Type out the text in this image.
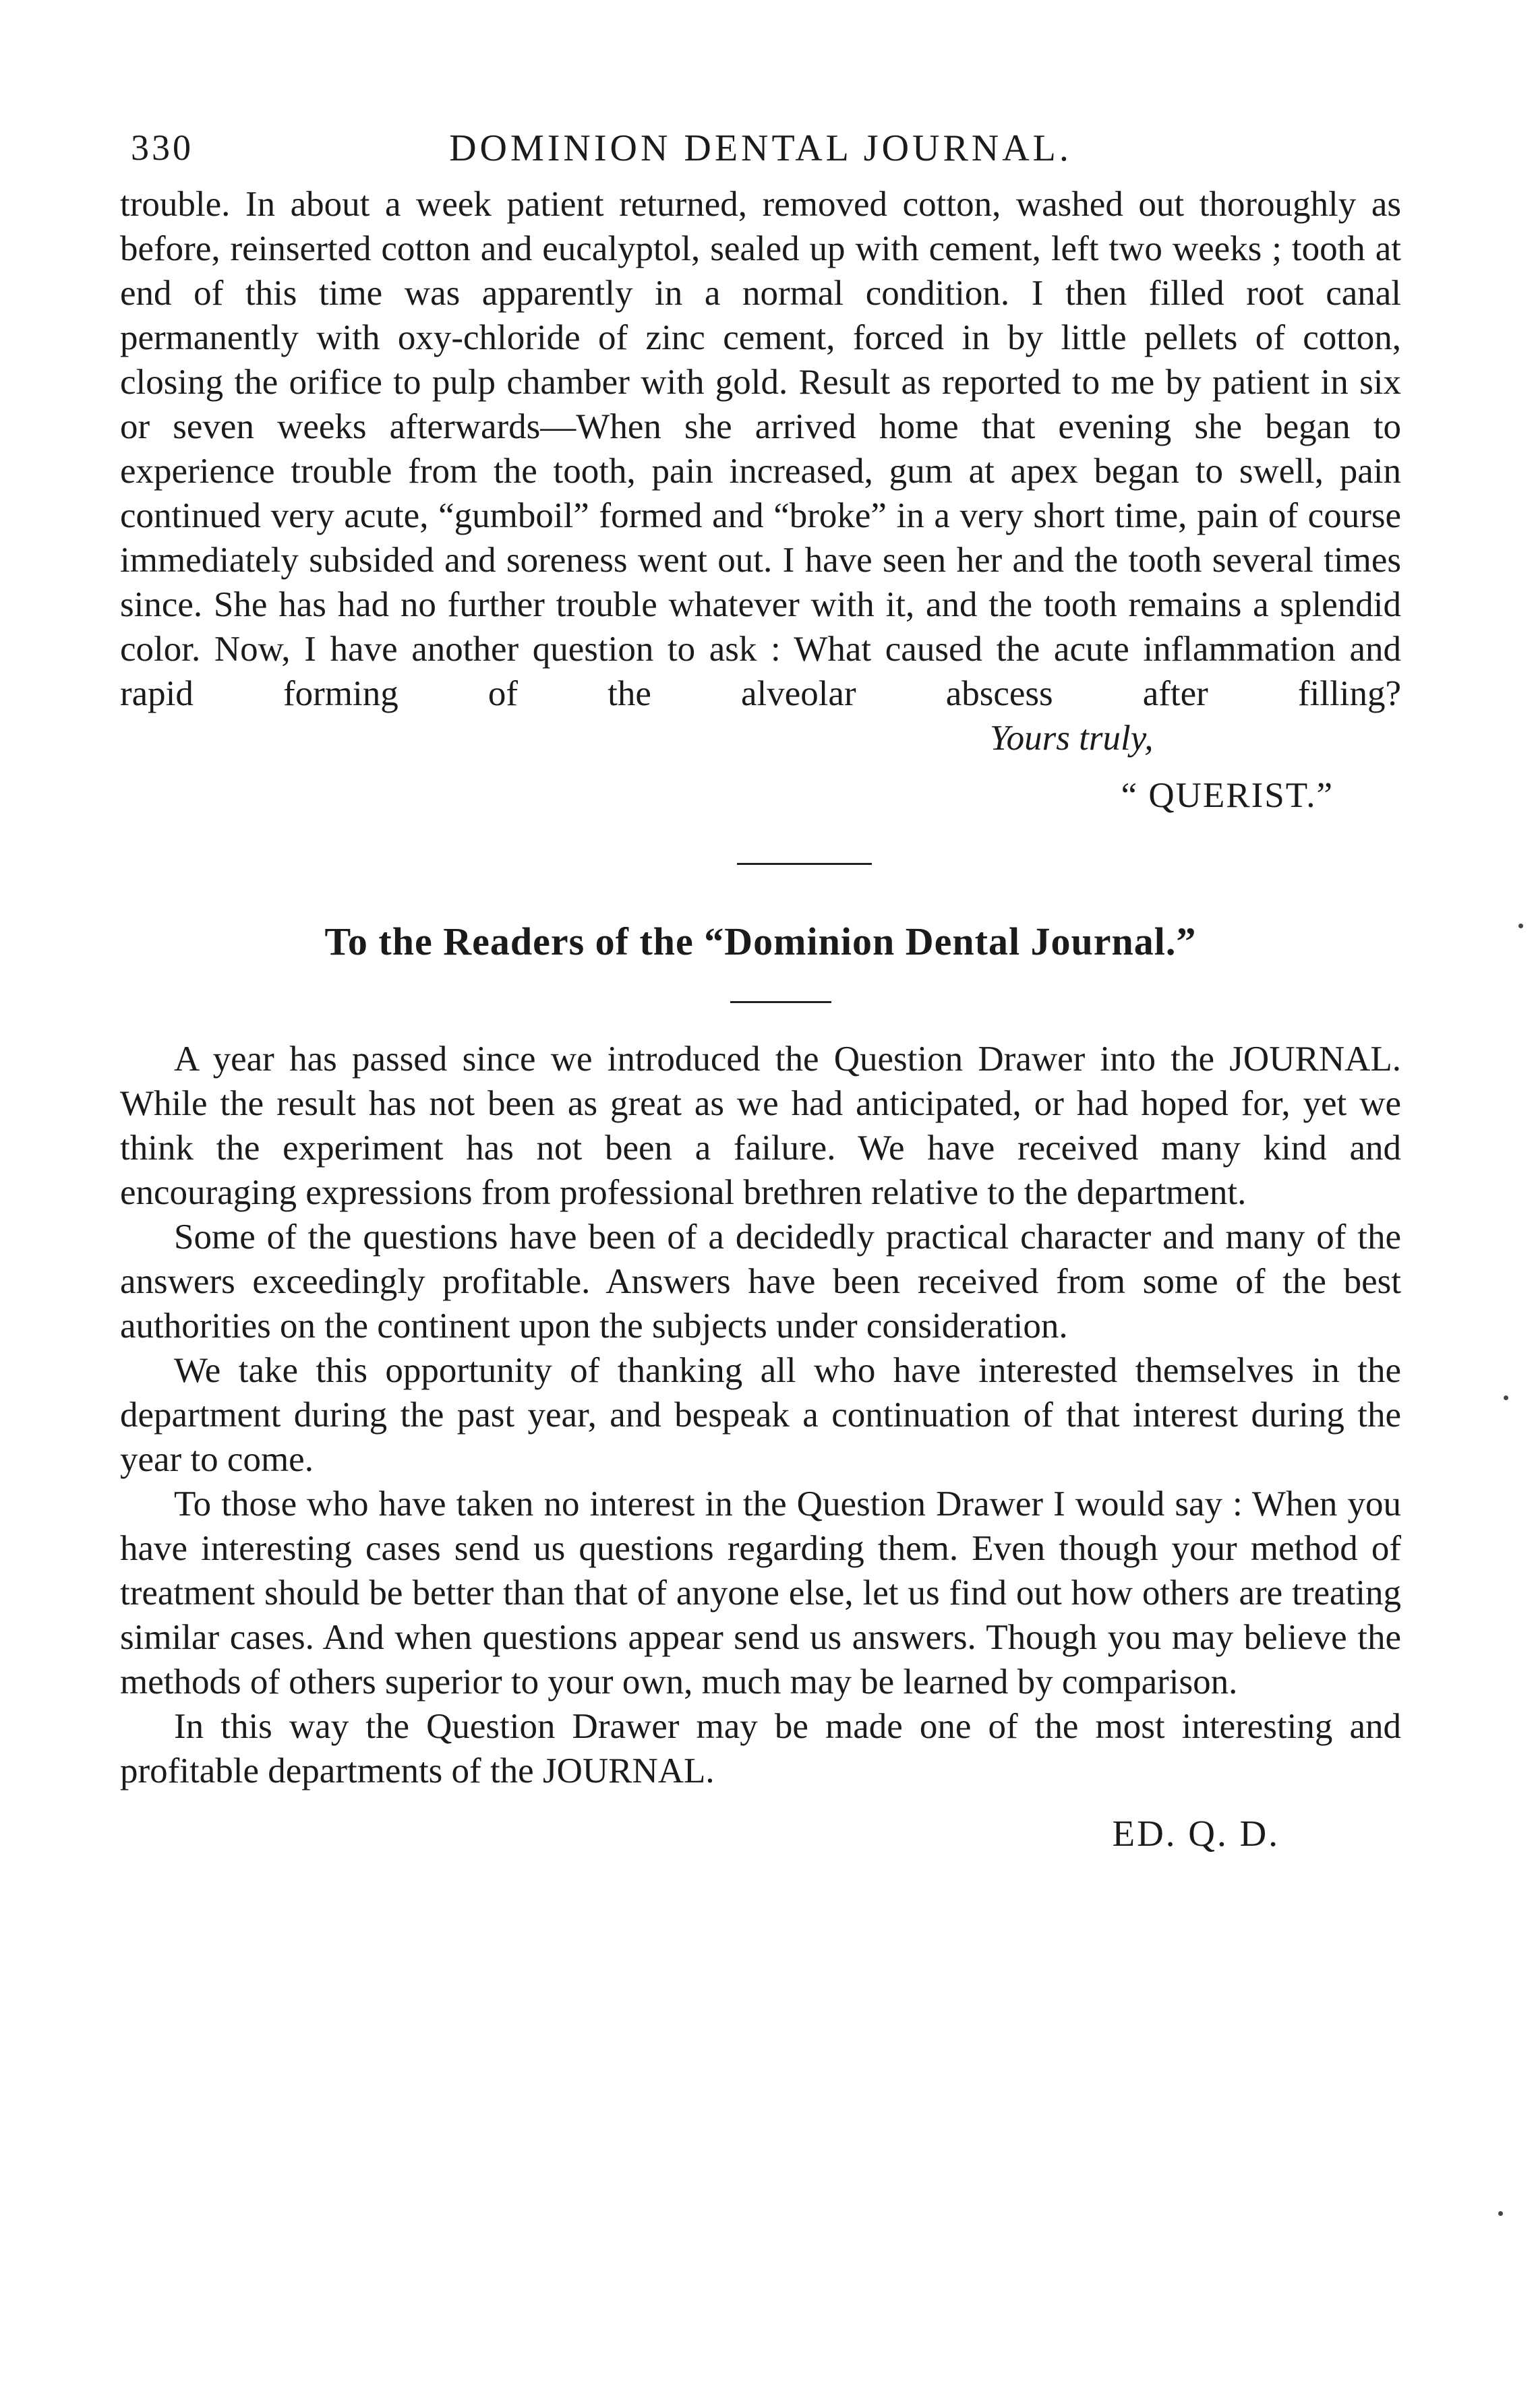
330	DOMINION DENTAL JOURNAL.

trouble. In about a week patient returned, removed cotton, washed out thoroughly as before, reinserted cotton and eucalyptol, sealed up with cement, left two weeks ; tooth at end of this time was apparently in a normal condition. I then filled root canal permanently with oxy-chloride of zinc cement, forced in by little pellets of cotton, closing the orifice to pulp chamber with gold. Result as reported to me by patient in six or seven weeks afterwards—When she arrived home that evening she began to experience trouble from the tooth, pain increased, gum at apex began to swell, pain continued very acute, “gumboil” formed and “broke” in a very short time, pain of course immediately subsided and soreness went out. I have seen her and the tooth several times since. She has had no further trouble whatever with it, and the tooth remains a splendid color. Now, I have another question to ask : What caused the acute inflammation and rapid forming of the alveolar abscess after filling?Yours truly,

“ QUERIST.”
To the Readers of the “Dominion Dental Journal.”

A year has passed since we introduced the Question Drawer into the JOURNAL. While the result has not been as great as we had anticipated, or had hoped for, yet we think the experiment has not been a failure. We have received many kind and encouraging expressions from professional brethren relative to the department.

Some of the questions have been of a decidedly practical character and many of the answers exceedingly profitable. Answers have been received from some of the best authorities on the continent upon the subjects under consideration.

We take this opportunity of thanking all who have interested themselves in the department during the past year, and bespeak a continuation of that interest during the year to come.

To those who have taken no interest in the Question Drawer I would say : When you have interesting cases send us questions regarding them. Even though your method of treatment should be better than that of anyone else, let us find out how others are treating similar cases. And when questions appear send us answers. Though you may believe the methods of others superior to your own, much may be learned by comparison.

In this way the Question Drawer may be made one of the most interesting and profitable departments of the JOURNAL.

ED. Q. D.
